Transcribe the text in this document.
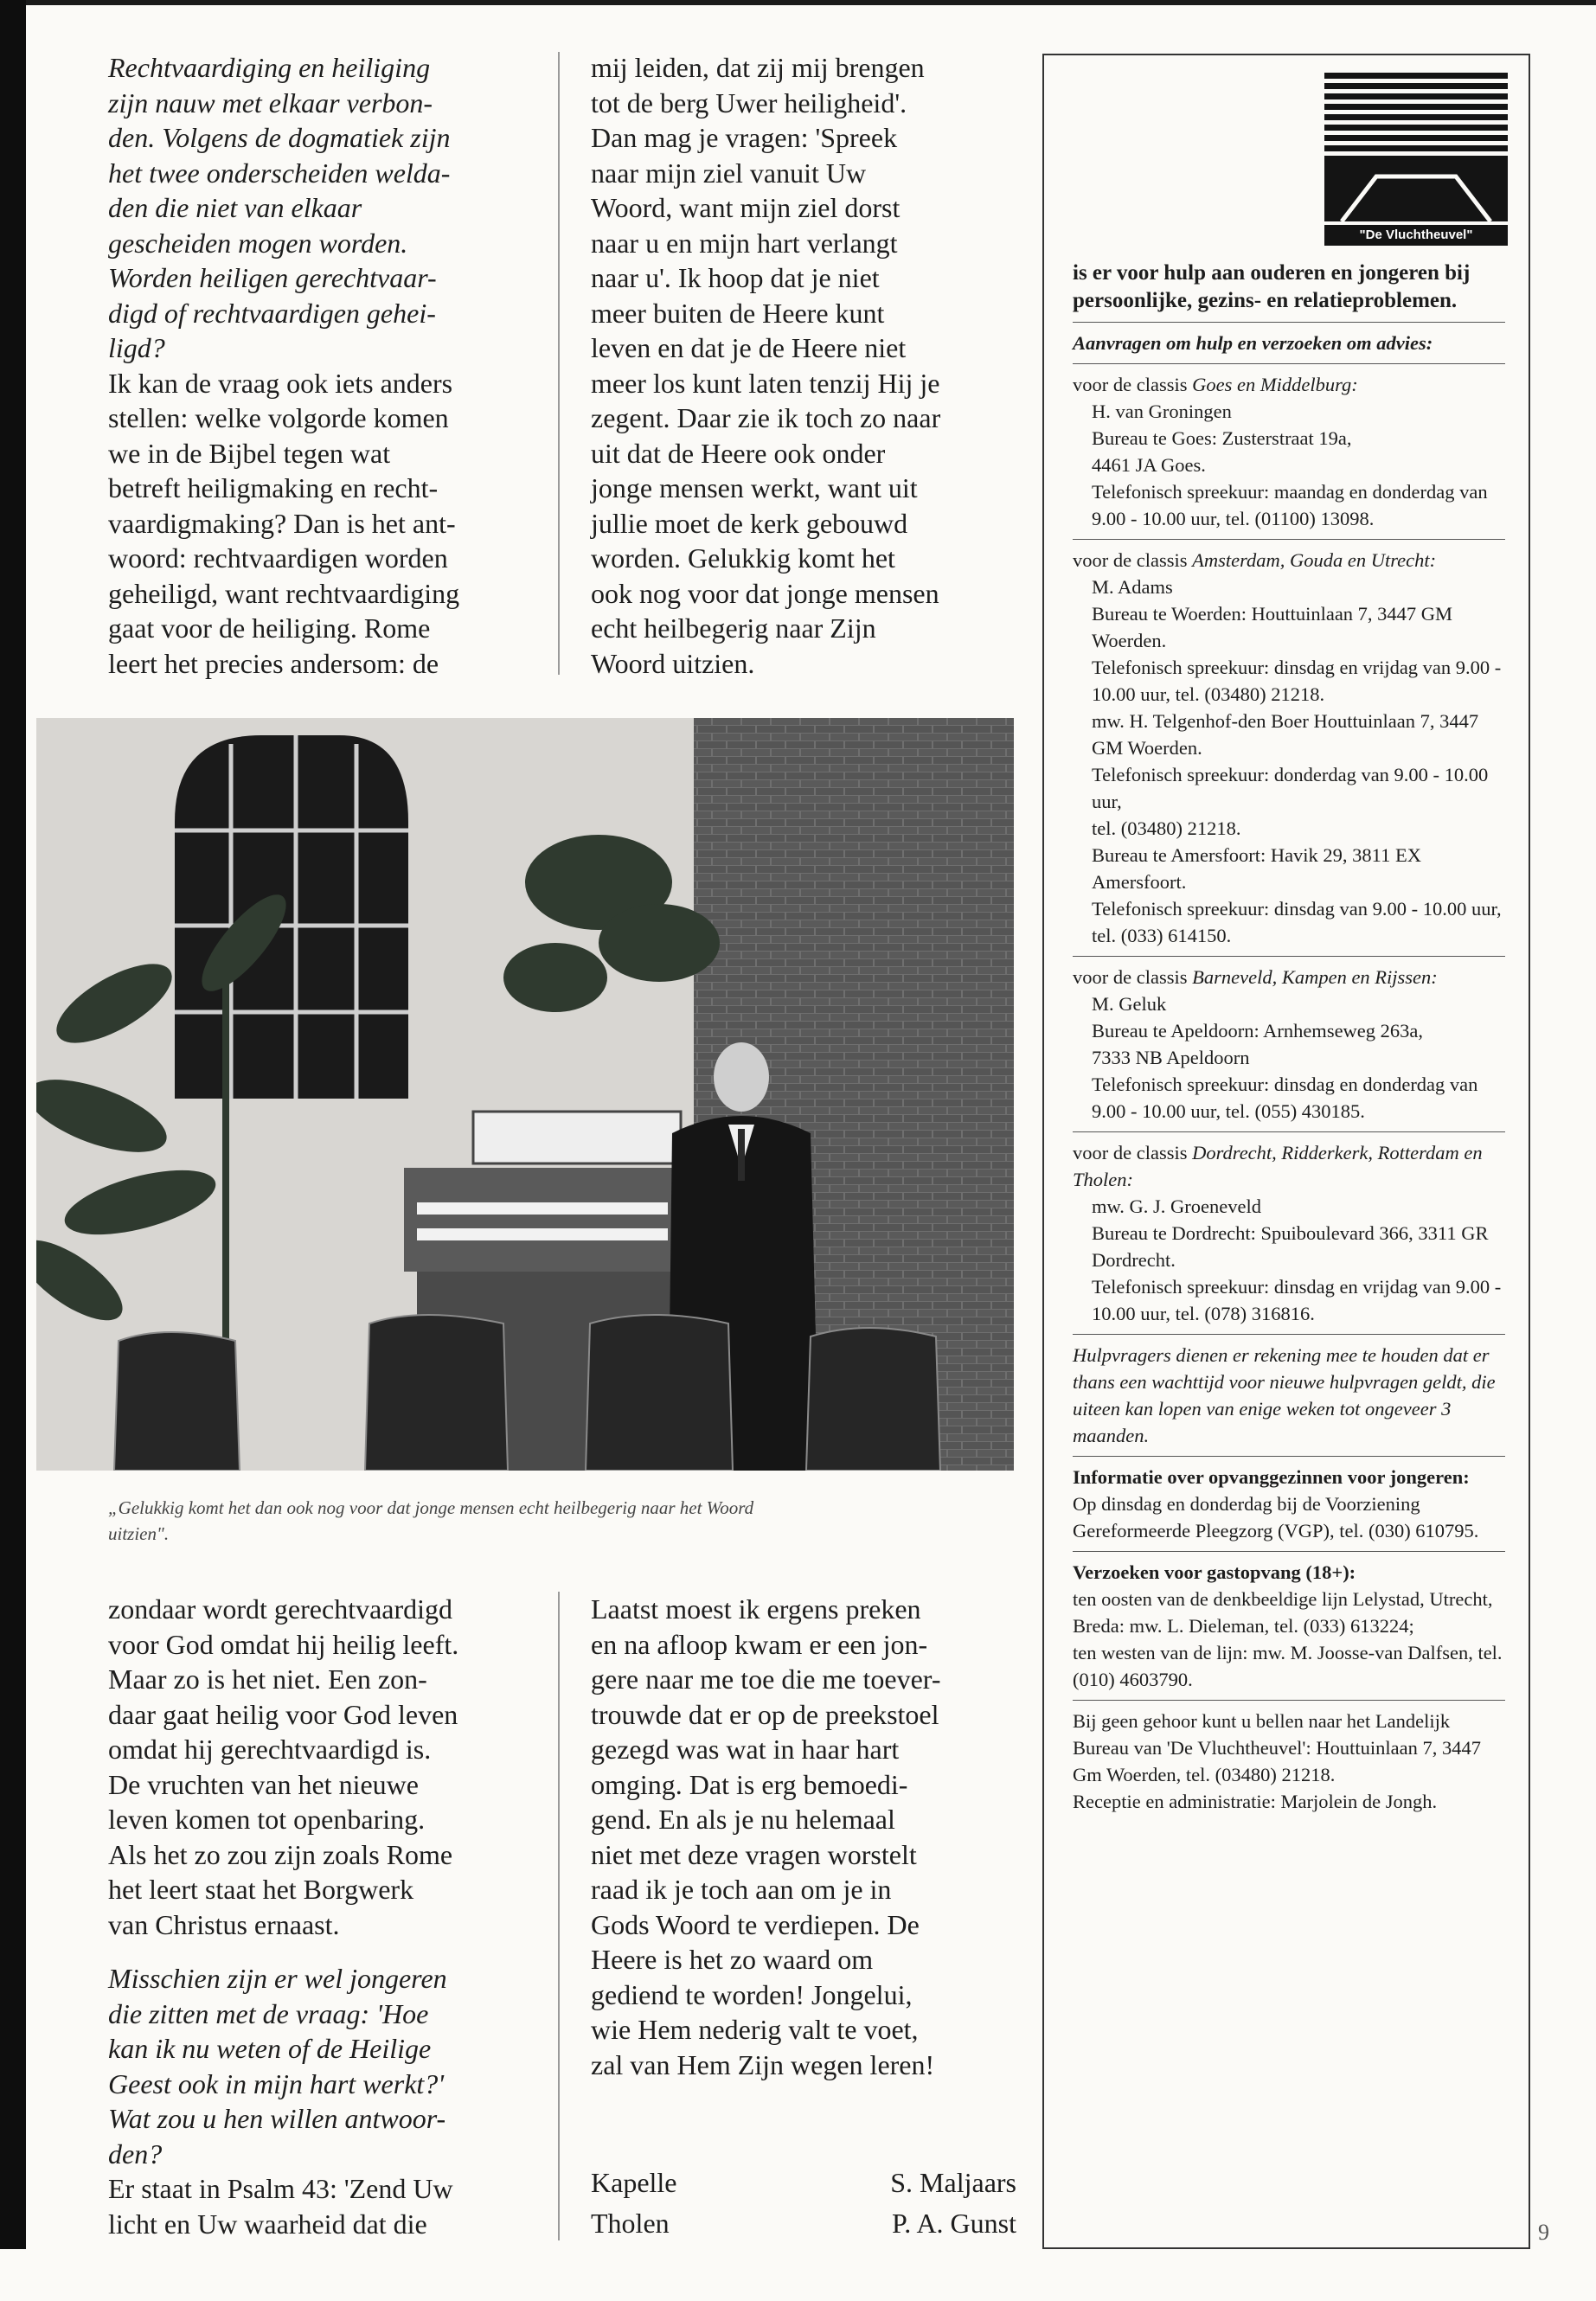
Rechtvaardiging en heiliging

zijn nauw met elkaar verbon-

den. Volgens de dogmatiek zijn

het twee onderscheiden welda-

den die niet van elkaar

gescheiden mogen worden.

Worden heiligen gerechtvaar-

digd of rechtvaardigen gehei-

ligd?

Ik kan de vraag ook iets anders

stellen: welke volgorde komen

we in de Bijbel tegen wat

betreft heiligmaking en recht-

vaardigmaking? Dan is het ant-

woord: rechtvaardigen worden

geheiligd, want rechtvaardiging

gaat voor de heiliging. Rome

leert het precies andersom: de

mij leiden, dat zij mij brengen

tot de berg Uwer heiligheid'.

Dan mag je vragen: 'Spreek

naar mijn ziel vanuit Uw

Woord, want mijn ziel dorst

naar u en mijn hart verlangt

naar u'. Ik hoop dat je niet

meer buiten de Heere kunt

leven en dat je de Heere niet

meer los kunt laten tenzij Hij je

zegent. Daar zie ik toch zo naar

uit dat de Heere ook onder

jonge mensen werkt, want uit

jullie moet de kerk gebouwd

worden. Gelukkig komt het

ook nog voor dat jonge mensen

echt heilbegerig naar Zijn

Woord uitzien.

„Gelukkig komt het dan ook nog voor dat jonge mensen echt heilbegerig naar het Woord
uitzien".

zondaar wordt gerechtvaardigd

voor God omdat hij heilig leeft.

Maar zo is het niet. Een zon-

daar gaat heilig voor God leven

omdat hij gerechtvaardigd is.

De vruchten van het nieuwe

leven komen tot openbaring.

Als het zo zou zijn zoals Rome

het leert staat het Borgwerk

van Christus ernaast.

Misschien zijn er wel jongeren

die zitten met de vraag: 'Hoe

kan ik nu weten of de Heilige

Geest ook in mijn hart werkt?'

Wat zou u hen willen antwoor-

den?

Er staat in Psalm 43: 'Zend Uw

licht en Uw waarheid dat die

Laatst moest ik ergens preken

en na afloop kwam er een jon-

gere naar me toe die me toever-

trouwde dat er op de preekstoel

gezegd was wat in haar hart

omging. Dat is erg bemoedi-

gend. En als je nu helemaal

niet met deze vragen worstelt

raad ik je toch aan om je in

Gods Woord te verdiepen. De

Heere is het zo waard om

gediend te worden! Jongelui,

wie Hem nederig valt te voet,

zal van Hem Zijn wegen leren!

Kapelle
Tholen
S. Maljaars
P. A. Gunst
"De Vluchtheuvel"

is er voor hulp aan ouderen en jongeren bij persoonlijke, gezins- en relatieproblemen.

Aanvragen om hulp en verzoeken om advies:

voor de classis Goes en Middelburg:

H. van Groningen

Bureau te Goes: Zusterstraat 19a,

4461 JA Goes.

Telefonisch spreekuur: maandag en donderdag van 9.00 - 10.00 uur, tel. (01100) 13098.

voor de classis Amsterdam, Gouda en Utrecht:

M. Adams

Bureau te Woerden: Houttuinlaan 7, 3447 GM Woerden.

Telefonisch spreekuur: dinsdag en vrijdag van 9.00 - 10.00 uur, tel. (03480) 21218.

mw. H. Telgenhof-den Boer Houttuinlaan 7, 3447 GM Woerden.

Telefonisch spreekuur: donderdag van 9.00 - 10.00 uur,

tel. (03480) 21218.

Bureau te Amersfoort: Havik 29, 3811 EX Amersfoort.

Telefonisch spreekuur: dinsdag van 9.00 - 10.00 uur, tel. (033) 614150.

voor de classis Barneveld, Kampen en Rijssen:

M. Geluk

Bureau te Apeldoorn: Arnhemseweg 263a,

7333 NB Apeldoorn

Telefonisch spreekuur: dinsdag en donderdag van 9.00 - 10.00 uur, tel. (055) 430185.

voor de classis Dordrecht, Ridderkerk, Rotterdam en Tholen:

mw. G. J. Groeneveld

Bureau te Dordrecht: Spuiboulevard 366, 3311 GR Dordrecht.

Telefonisch spreekuur: dinsdag en vrijdag van 9.00 - 10.00 uur, tel. (078) 316816.

Hulpvragers dienen er rekening mee te houden dat er thans een wachttijd voor nieuwe hulpvragen geldt, die uiteen kan lopen van enige weken tot ongeveer 3 maanden.

Informatie over opvanggezinnen voor jongeren:

Op dinsdag en donderdag bij de Voorziening Gereformeerde Pleegzorg (VGP), tel. (030) 610795.

Verzoeken voor gastopvang (18+):

ten oosten van de denkbeeldige lijn Lelystad, Utrecht, Breda: mw. L. Dieleman, tel. (033) 613224;

ten westen van de lijn: mw. M. Joosse-van Dalfsen, tel. (010) 4603790.

Bij geen gehoor kunt u bellen naar het Landelijk Bureau van 'De Vluchtheuvel': Houttuinlaan 7, 3447 Gm Woerden, tel. (03480) 21218.

Receptie en administratie: Marjolein de Jongh.

9
